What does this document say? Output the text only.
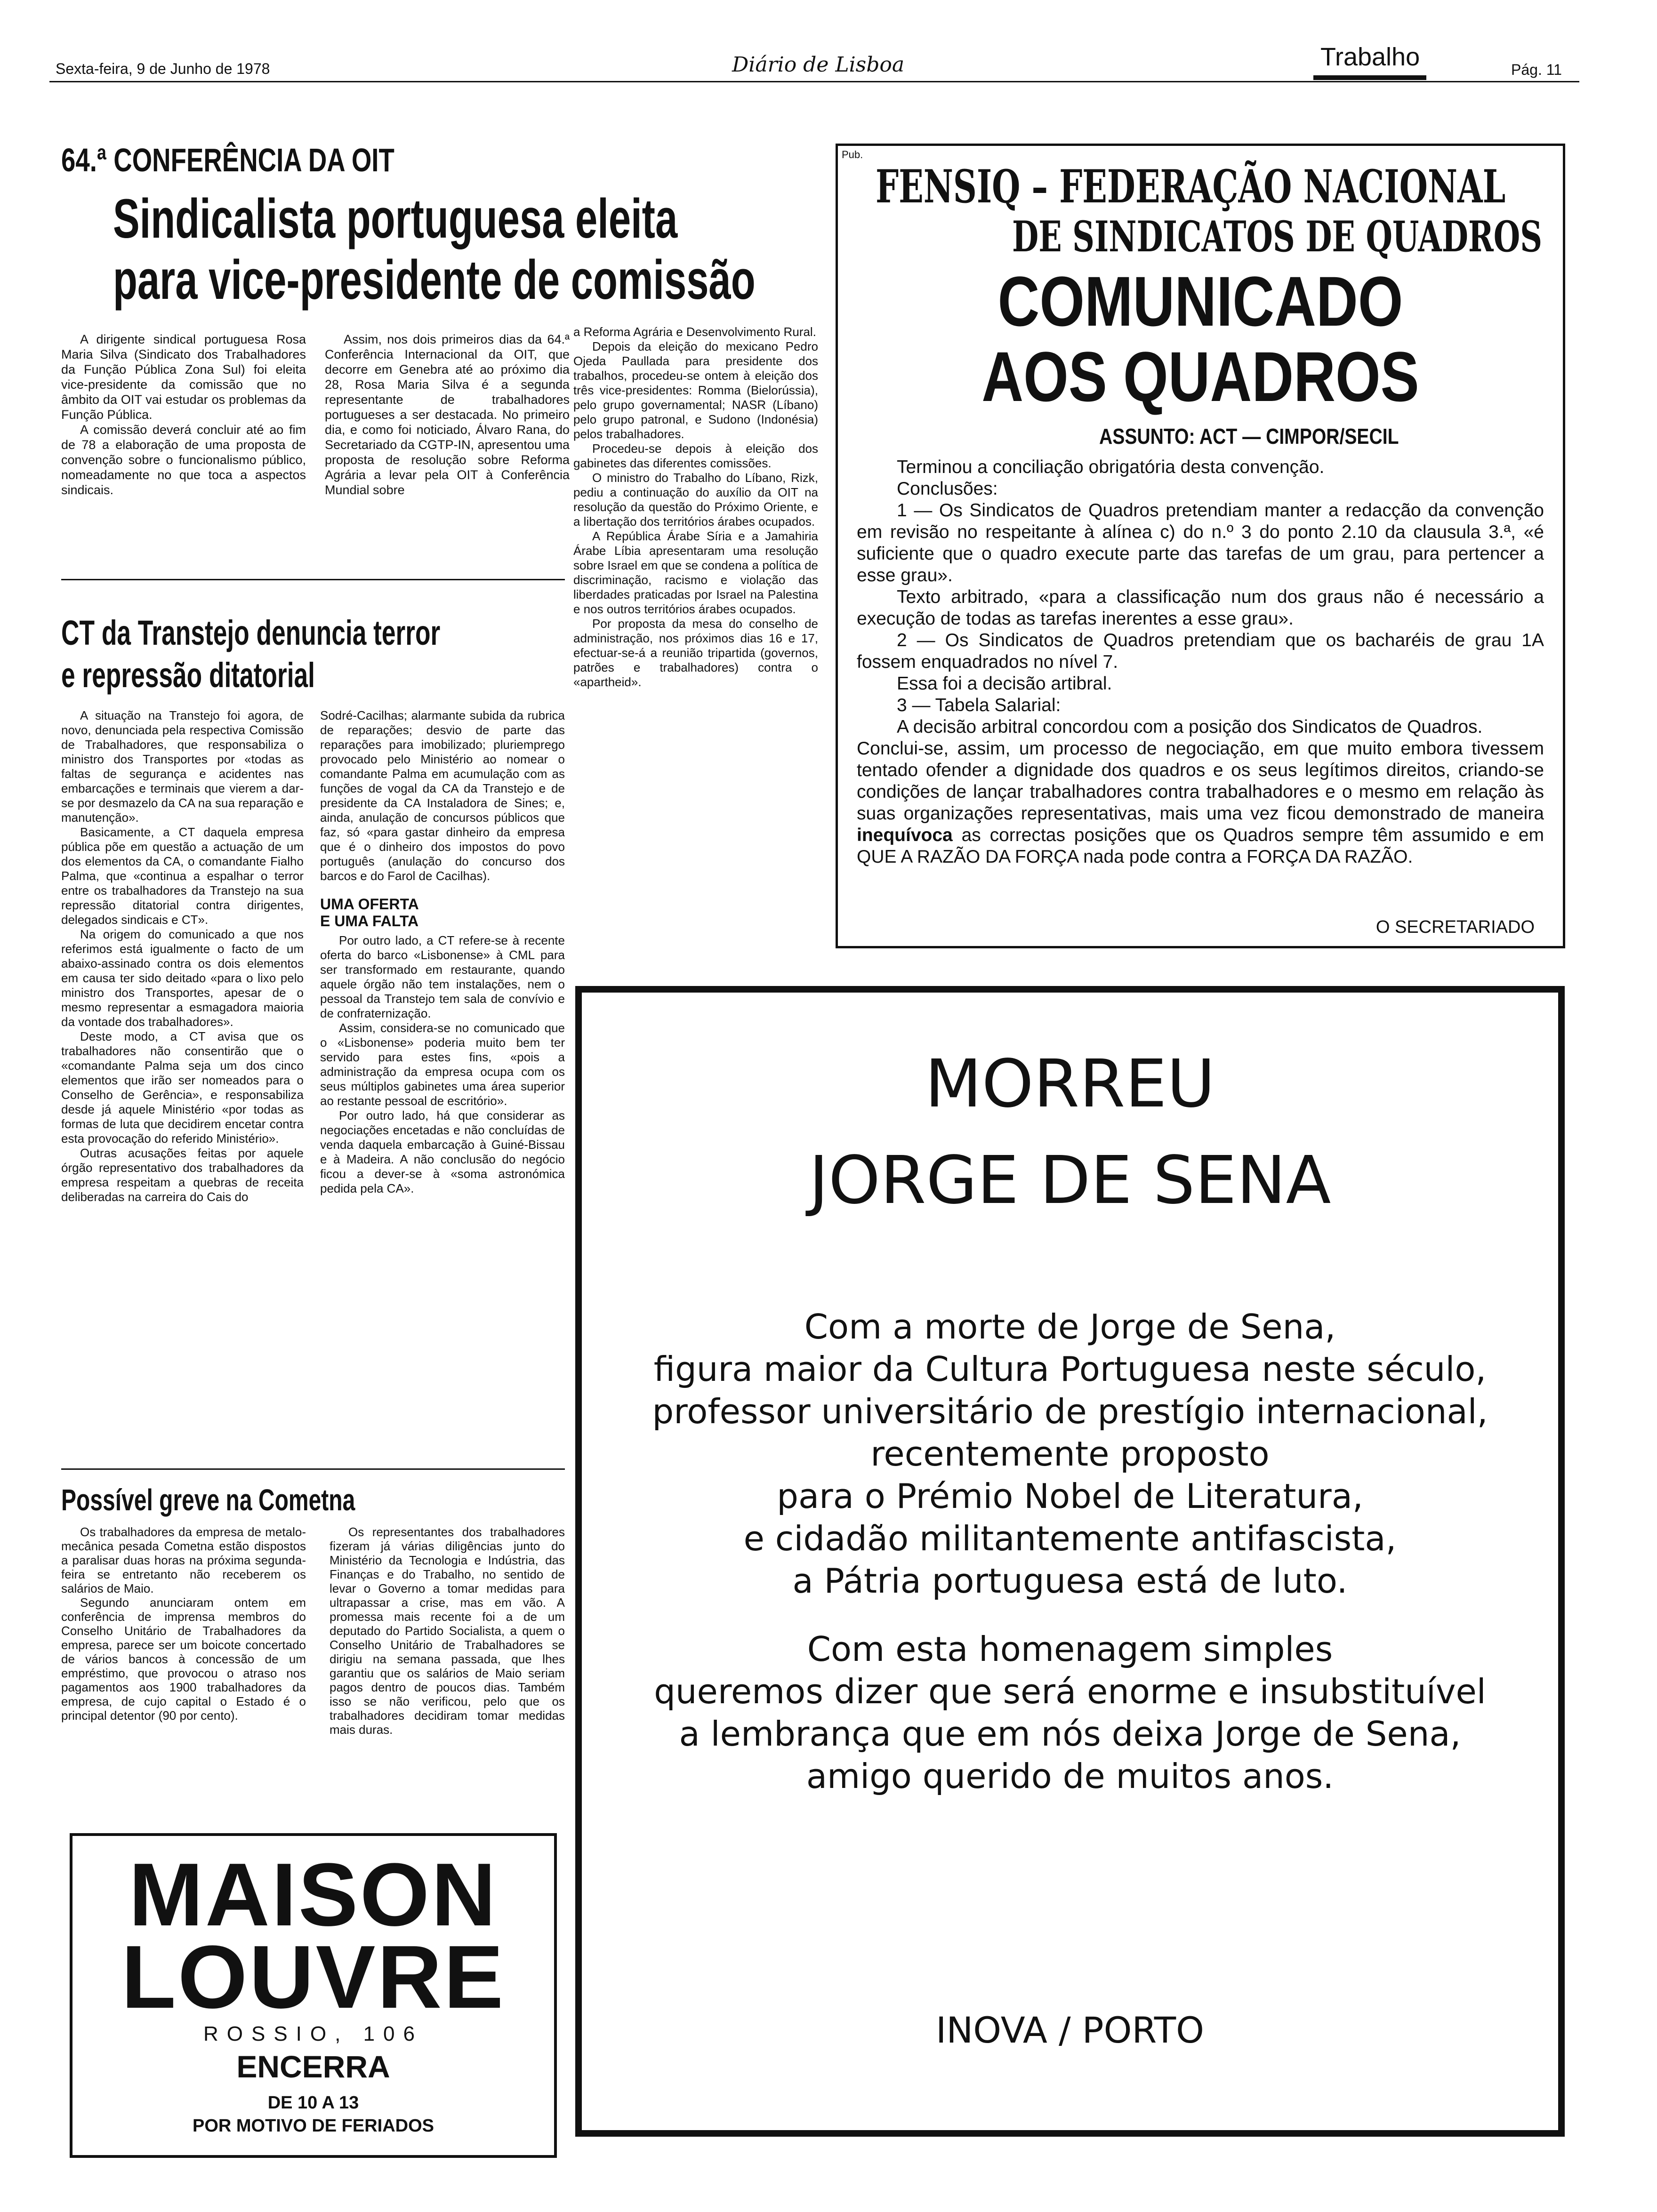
Sexta-feira, 9 de Junho de 1978	Diário de Lisboa	Trabalho	Pág. 11
64.ª CONFERÊNCIA DA OIT
Sindicalista portuguesa eleita
para vice-presidente de comissão

A dirigente sindical portuguesa Rosa Maria Silva (Sindicato dos Trabalhadores da Função Pública Zona Sul) foi eleita vice-presidente da comissão que no âmbito da OIT vai estudar os problemas da Função Pública.

A comissão deverá concluir até ao fim de 78 a elaboração de uma proposta de convenção sobre o funcionalismo público, nomeadamente no que toca a aspectos sindicais.

Assim, nos dois primeiros dias da 64.ª Conferência Internacional da OIT, que decorre em Genebra até ao próximo dia 28, Rosa Maria Silva é a segunda representante de trabalhadores portugueses a ser destacada. No primeiro dia, e como foi noticiado, Álvaro Rana, do Secretariado da CGTP-IN, apresentou uma proposta de resolução sobre Reforma Agrária a levar pela OIT à Conferência Mundial sobre

a Reforma Agrária e Desenvolvimento Rural.

Depois da eleição do mexicano Pedro Ojeda Paullada para presidente dos trabalhos, procedeu-se ontem à eleição dos três vice-presidentes: Romma (Bielorússia), pelo grupo governamental; NASR (Líbano) pelo grupo patronal, e Sudono (Indonésia) pelos trabalhadores.

Procedeu-se depois à eleição dos gabinetes das diferentes comissões.

O ministro do Trabalho do Líbano, Rizk, pediu a continuação do auxílio da OIT na resolução da questão do Próximo Oriente, e a libertação dos territórios árabes ocupados.

A República Árabe Síria e a Jamahiria Árabe Líbia apresentaram uma resolução sobre Israel em que se condena a política de discriminação, racismo e violação das liberdades praticadas por Israel na Palestina e nos outros territórios árabes ocupados.

Por proposta da mesa do conselho de administração, nos próximos dias 16 e 17, efectuar-se-á a reunião tripartida (governos, patrões e trabalhadores) contra o «apartheid».

CT da Transtejo denuncia terror
e repressão ditatorial

A situação na Transtejo foi agora, de novo, denunciada pela respectiva Comissão de Trabalhadores, que responsabiliza o ministro dos Transportes por «todas as faltas de segurança e acidentes nas embarcações e terminais que vierem a dar-se por desmazelo da CA na sua reparação e manutenção».

Basicamente, a CT daquela empresa pública põe em questão a actuação de um dos elementos da CA, o comandante Fialho Palma, que «continua a espalhar o terror entre os trabalhadores da Transtejo na sua repressão ditatorial contra dirigentes, delegados sindicais e CT».

Na origem do comunicado a que nos referimos está igualmente o facto de um abaixo-assinado contra os dois elementos em causa ter sido deitado «para o lixo pelo ministro dos Transportes, apesar de o mesmo representar a esmagadora maioria da vontade dos trabalhadores».

Deste modo, a CT avisa que os trabalhadores não consentirão que o «comandante Palma seja um dos cinco elementos que irão ser nomeados para o Conselho de Gerência», e responsabiliza desde já aquele Ministério «por todas as formas de luta que decidirem encetar contra esta provocação do referido Ministério».

Outras acusações feitas por aquele órgão representativo dos trabalhadores da empresa respeitam a quebras de receita deliberadas na carreira do Cais do

Sodré-Cacilhas; alarmante subida da rubrica de reparações; desvio de parte das reparações para imobilizado; pluriemprego provocado pelo Ministério ao nomear o comandante Palma em acumulação com as funções de vogal da CA da Transtejo e de presidente da CA Instaladora de Sines; e, ainda, anulação de concursos públicos que faz, só «para gastar dinheiro da empresa que é o dinheiro dos impostos do povo português (anulação do concurso dos barcos e do Farol de Cacilhas).

UMA OFERTA
E UMA FALTA

Por outro lado, a CT refere-se à recente oferta do barco «Lisbonense» à CML para ser transformado em restaurante, quando aquele órgão não tem instalações, nem o pessoal da Transtejo tem sala de convívio e de confraternização.

Assim, considera-se no comunicado que o «Lisbonense» poderia muito bem ter servido para estes fins, «pois a administração da empresa ocupa com os seus múltiplos gabinetes uma área superior ao restante pessoal de escritório».

Por outro lado, há que considerar as negociações encetadas e não concluídas de venda daquela embarcação à Guiné-Bissau e à Madeira. A não conclusão do negócio ficou a dever-se à «soma astronómica pedida pela CA».

Possível greve na Cometna

Os trabalhadores da empresa de metalo-mecânica pesada Cometna estão dispostos a paralisar duas horas na próxima segunda-feira se entretanto não receberem os salários de Maio.

Segundo anunciaram ontem em conferência de imprensa membros do Conselho Unitário de Trabalhadores da empresa, parece ser um boicote concertado de vários bancos à concessão de um empréstimo, que provocou o atraso nos pagamentos aos 1900 trabalhadores da empresa, de cujo capital o Estado é o principal detentor (90 por cento).

Os representantes dos trabalhadores fizeram já várias diligências junto do Ministério da Tecnologia e Indústria, das Finanças e do Trabalho, no sentido de levar o Governo a tomar medidas para ultrapassar a crise, mas em vão. A promessa mais recente foi a de um deputado do Partido Socialista, a quem o Conselho Unitário de Trabalhadores se dirigiu na semana passada, que lhes garantiu que os salários de Maio seriam pagos dentro de poucos dias. Também isso se não verificou, pelo que os trabalhadores decidiram tomar medidas mais duras.

MAISON
LOUVRE
ROSSIO, 106
ENCERRA
DE 10 A 13
POR MOTIVO DE FERIADOS
Pub.
FENSIQ – FEDERAÇÃO NACIONAL
DE SINDICATOS DE QUADROS
COMUNICADO
AOS QUADROS
ASSUNTO: ACT — CIMPOR/SECIL

Terminou a conciliação obrigatória desta convenção.

Conclusões:

1 — Os Sindicatos de Quadros pretendiam manter a redacção da convenção em revisão no respeitante à alínea c) do n.º 3 do ponto 2.10 da clausula 3.ª, «é suficiente que o quadro execute parte das tarefas de um grau, para pertencer a esse grau».

Texto arbitrado, «para a classificação num dos graus não é necessário a execução de todas as tarefas inerentes a esse grau».

2 — Os Sindicatos de Quadros pretendiam que os bacharéis de grau 1A fossem enquadrados no nível 7.

Essa foi a decisão artibral.

3 — Tabela Salarial:

A decisão arbitral concordou com a posição dos Sindicatos de Quadros.

Conclui-se, assim, um processo de negociação, em que muito embora tivessem tentado ofender a dignidade dos quadros e os seus legítimos direitos, criando-se condições de lançar trabalhadores contra trabalhadores e o mesmo em relação às suas organizações representativas, mais uma vez ficou demonstrado de maneira inequívoca as correctas posições que os Quadros sempre têm assumido e em QUE A RAZÃO DA FORÇA nada pode contra a FORÇA DA RAZÃO.

O SECRETARIADO
MORREU
JORGE DE SENA
Com a morte de Jorge de Sena,
figura maior da Cultura Portuguesa neste século,
professor universitário de prestígio internacional,
recentemente proposto
para o Prémio Nobel de Literatura,
e cidadão militantemente antifascista,
a Pátria portuguesa está de luto.
Com esta homenagem simples
queremos dizer que será enorme e insubstituível
a lembrança que em nós deixa Jorge de Sena,
amigo querido de muitos anos.
INOVA / PORTO
